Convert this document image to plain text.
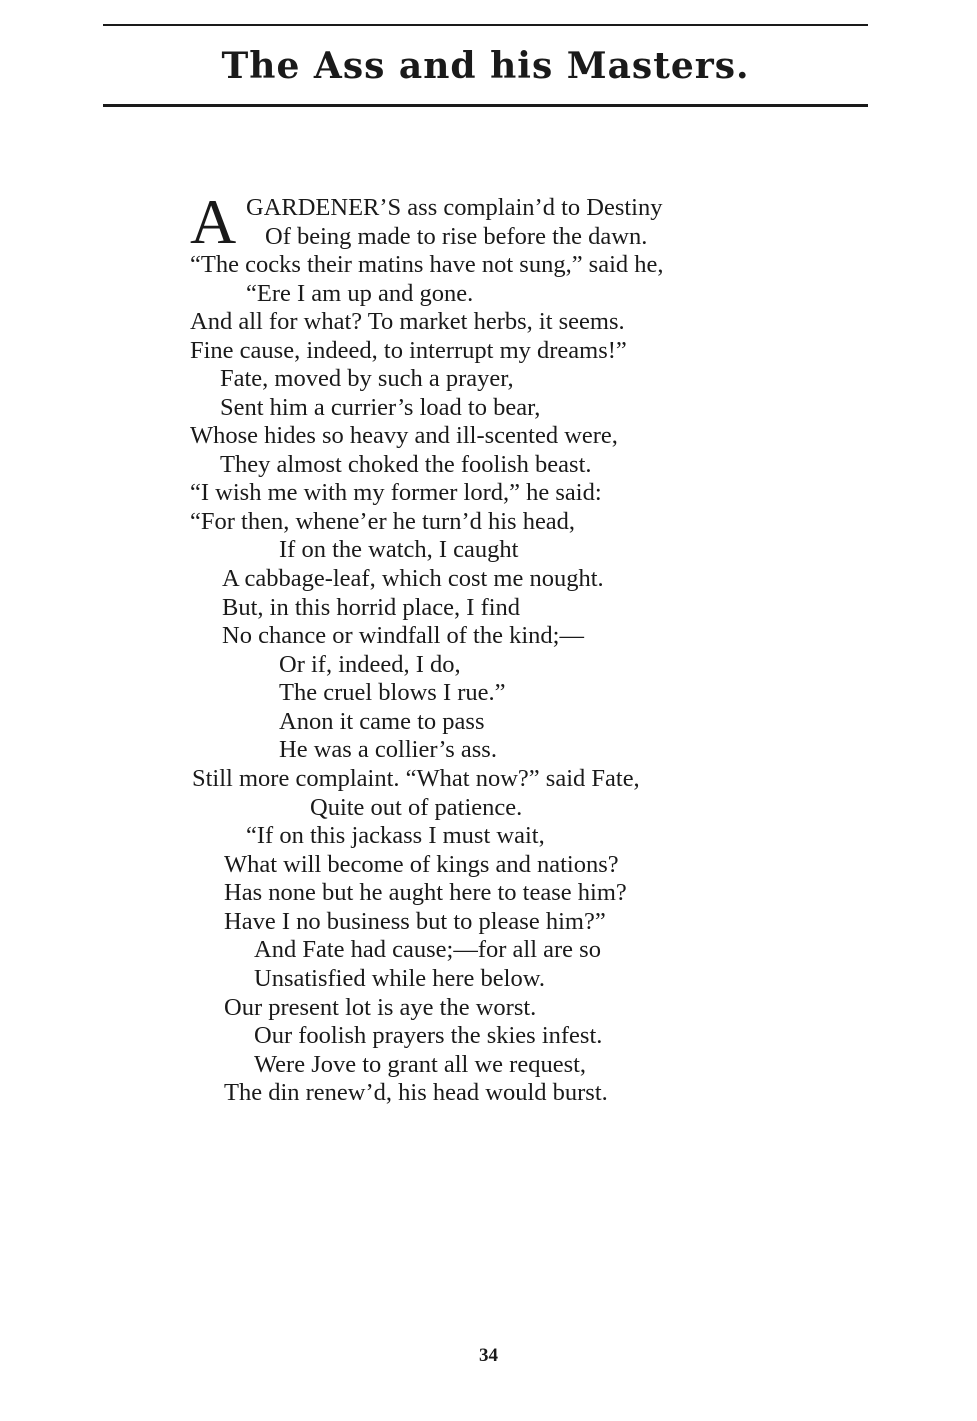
The Ass and his Masters.
A GARDENER’S ass complain’d to Destiny
Of being made to rise before the dawn.
“The cocks their matins have not sung,” said he,
“Ere I am up and gone.
And all for what? To market herbs, it seems.
Fine cause, indeed, to interrupt my dreams!”
Fate, moved by such a prayer,
Sent him a currier’s load to bear,
Whose hides so heavy and ill-scented were,
They almost choked the foolish beast.
“I wish me with my former lord,” he said:
“For then, whene’er he turn’d his head,
If on the watch, I caught
A cabbage-leaf, which cost me nought.
But, in this horrid place, I find
No chance or windfall of the kind;—
Or if, indeed, I do,
The cruel blows I rue.”
Anon it came to pass
He was a collier’s ass.
Still more complaint. “What now?” said Fate,
Quite out of patience.
“If on this jackass I must wait,
What will become of kings and nations?
Has none but he aught here to tease him?
Have I no business but to please him?”
And Fate had cause;—for all are so
Unsatisfied while here below.
Our present lot is aye the worst.
Our foolish prayers the skies infest.
Were Jove to grant all we request,
The din renew’d, his head would burst.
34
